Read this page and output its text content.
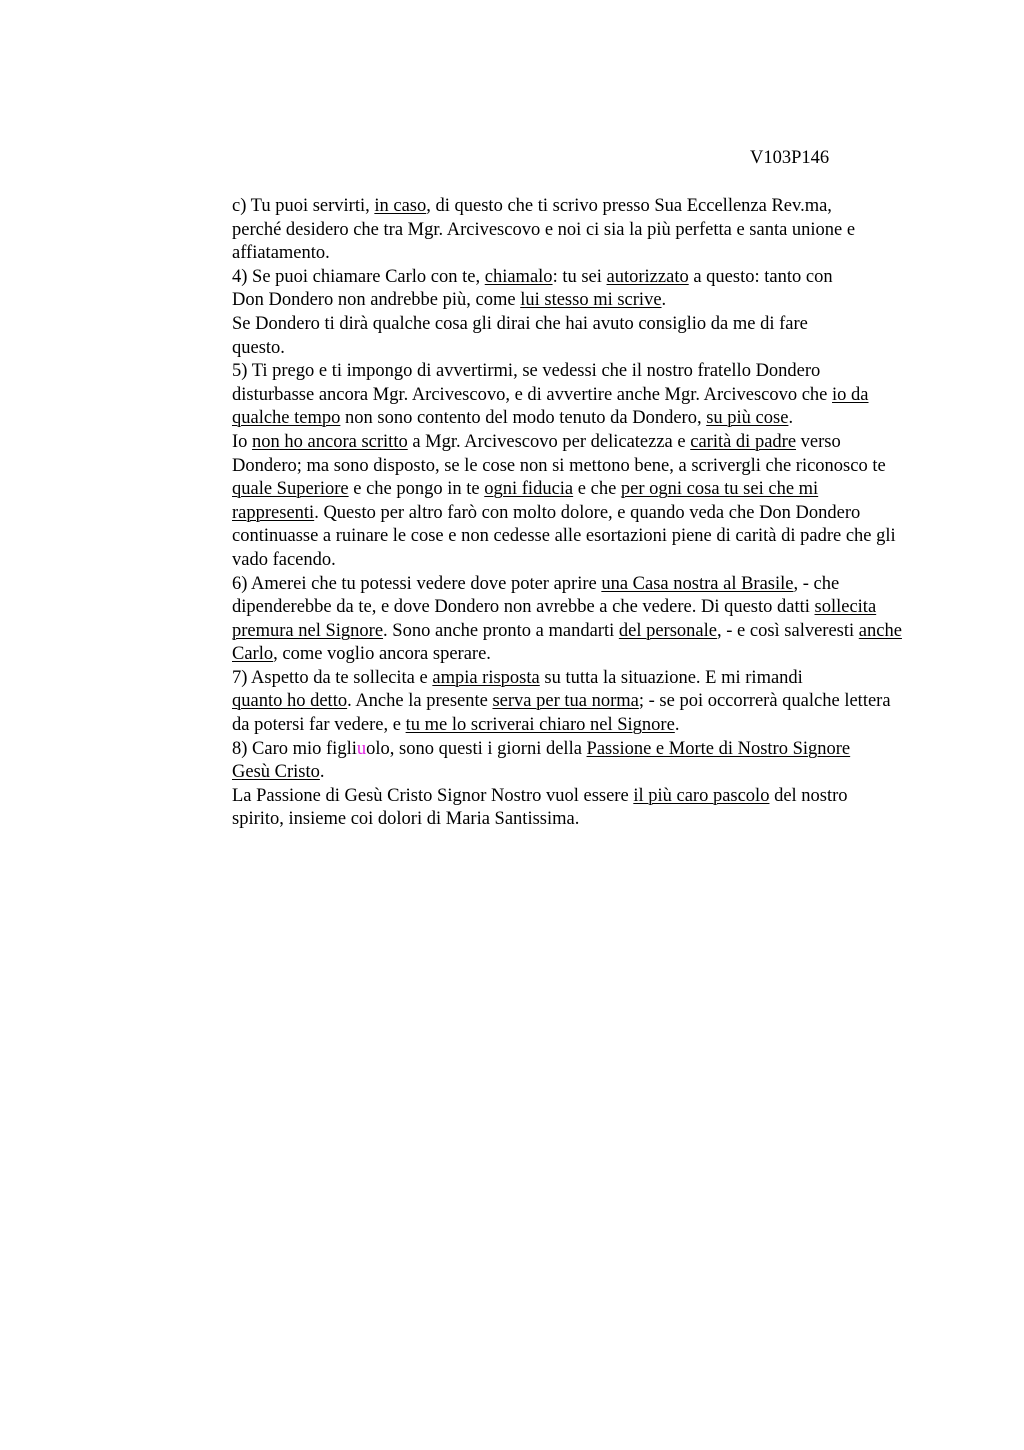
V103P146

c) Tu puoi servirti, in caso, di questo che ti scrivo presso Sua Eccellenza Rev.ma,
perché desidero che tra Mgr. Arcivescovo e noi ci sia la più perfetta e santa unione e
affiatamento.

4) Se puoi chiamare Carlo con te, chiamalo: tu sei autorizzato a questo: tanto con
Don Dondero non andrebbe più, come lui stesso mi scrive.

Se Dondero ti dirà qualche cosa gli dirai che hai avuto consiglio da me di fare
questo.

5) Ti prego e ti impongo di avvertirmi, se vedessi che il nostro fratello Dondero
disturbasse ancora Mgr. Arcivescovo, e di avvertire anche Mgr. Arcivescovo che io da
qualche tempo non sono contento del modo tenuto da Dondero, su più cose.

Io non ho ancora scritto a Mgr. Arcivescovo per delicatezza e carità di padre verso
Dondero; ma sono disposto, se le cose non si mettono bene, a scrivergli che riconosco te
quale Superiore e che pongo in te ogni fiducia e che per ogni cosa tu sei che mi
rappresenti. Questo per altro farò con molto dolore, e quando veda che Don Dondero
continuasse a ruinare le cose e non cedesse alle esortazioni piene di carità di padre che gli
vado facendo.

6) Amerei che tu potessi vedere dove poter aprire una Casa nostra al Brasile, - che
dipenderebbe da te, e dove Dondero non avrebbe a che vedere. Di questo datti sollecita
premura nel Signore. Sono anche pronto a mandarti del personale, - e così salveresti anche
Carlo, come voglio ancora sperare.

7) Aspetto da te sollecita e ampia risposta su tutta la situazione. E mi rimandi
quanto ho detto. Anche la presente serva per tua norma; - se poi occorrerà qualche lettera
da potersi far vedere, e tu me lo scriverai chiaro nel Signore.

8) Caro mio figliuolo, sono questi i giorni della Passione e Morte di Nostro Signore
Gesù Cristo.

La Passione di Gesù Cristo Signor Nostro vuol essere il più caro pascolo del nostro
spirito, insieme coi dolori di Maria Santissima.
